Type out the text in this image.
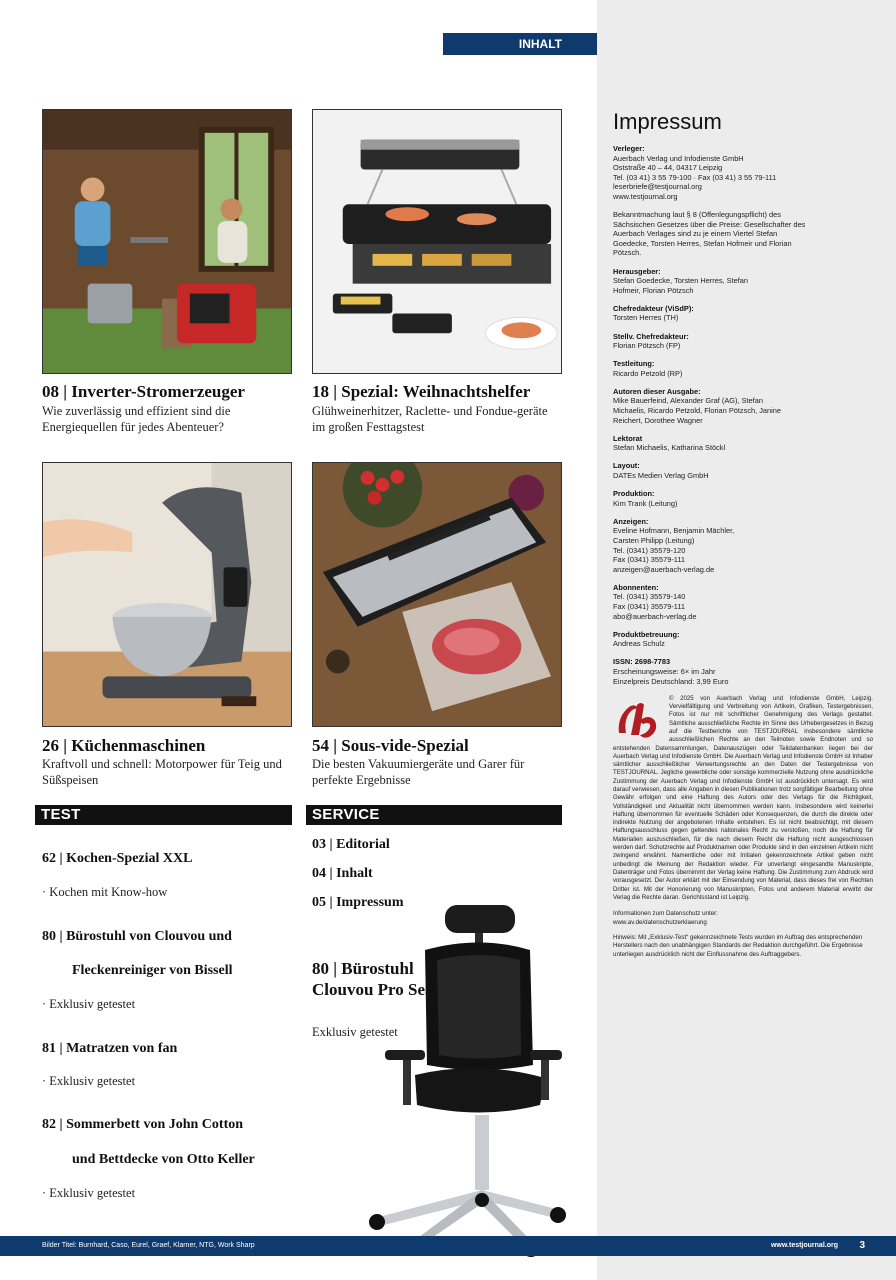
INHALT
08 | Inverter-Stromerzeuger
Wie zuverlässig und effizient sind die Energiequellen für jedes Abenteuer?
18 | Spezial: Weihnachtshelfer
Glühweinerhitzer, Raclette- und Fondue-geräte im großen Festtagstest
26 | Küchenmaschinen
Kraftvoll und schnell: Motorpower für Teig und Süßspeisen
54 | Sous-vide-Spezial
Die besten Vakuumiergeräte und Garer für perfekte Ergebnisse
TEST
62 | Kochen-Spezial XXL
· Kochen mit Know-how
80 | Bürostuhl von Clouvou und
Fleckenreiniger von Bissell
· Exklusiv getestet
81 | Matratzen von fan
· Exklusiv getestet
82 | Sommerbett von John Cotton
und Bettdecke von Otto Keller
· Exklusiv getestet
SERVICE
03 | Editorial
04 | Inhalt
05 | Impressum
80 | Bürostuhl Clouvou Pro Seat
Exklusiv getestet
Impressum
Verleger:
Auerbach Verlag und Infodienste GmbH
Oststraße 40 – 44, 04317 Leipzig
Tel. (03 41) 3 55 79-100 · Fax (03 41) 3 55 79-111
leserbriefe@testjournal.org
www.testjournal.org
Bekanntmachung laut § 8 (Offenlegungspflicht) des Sächsischen Gesetzes über die Preise: Gesellschafter des Auerbach Verlages sind zu je einem Viertel Stefan Goedecke, Torsten Herres, Stefan Hofmeir und Florian Pötzsch.
Herausgeber:
Stefan Goedecke, Torsten Herres, Stefan Hofmeir, Florian Pötzsch
Chefredakteur (ViSdP):
Torsten Herres (TH)
Stellv. Chefredakteur:
Florian Pötzsch (FP)
Testleitung:
Ricardo Petzold (RP)
Autoren dieser Ausgabe:
Mike Bauerfeind, Alexander Graf (AG), Stefan Michaelis, Ricardo Petzold, Florian Pötzsch, Janine Reichert, Dorothee Wagner
Lektorat
Stefan Michaelis, Katharina Stöckl
Layout:
DATEs Medien Verlag GmbH
Produktion:
Kim Trank (Leitung)
Anzeigen:
Eveline Hofmann, Benjamin Mächler,
Carsten Philipp (Leitung)
Tel. (0341) 35579-120
Fax (0341) 35579-111
anzeigen@auerbach-verlag.de
Abonnenten:
Tel. (0341) 35579-140
Fax (0341) 35579-111
abo@auerbach-verlag.de
Produktbetreuung:
Andreas Schulz
ISSN: 2698-7783
Erscheinungsweise: 6× im Jahr
Einzelpreis Deutschland: 3,99 Euro
© 2025 von Auerbach Verlag und Infodienste GmbH, Leipzig. Vervielfältigung und Verbreitung von Artikeln, Grafiken, Testergebnissen, Fotos ist nur mit schriftlicher Genehmigung des Verlags gestattet. Sämtliche ausschließliche Rechte im Sinne des Urhebergesetzes in Bezug auf die Testberichte von TESTJOURNAL insbesondere sämtliche ausschließlichen Rechte an den Teilnoten sowie Endnoten und so entstehenden Datensammlungen, Datenauszügen oder Teildatenbanken liegen bei der Auerbach Verlag und Infodienste GmbH. Die Auerbach Verlag und Infodienste GmbH ist Inhaber sämtlicher ausschließlicher Verwertungsrechte an den Daten der Testergebnisse von TESTJOURNAL. Jegliche gewerbliche oder sonstige kommerzielle Nutzung ohne ausdrückliche Zustimmung der Auerbach Verlag und Infodienste GmbH ist ausdrücklich untersagt. Es wird darauf verwiesen, dass alle Angaben in diesen Publikationen trotz sorgfältiger Bearbeitung ohne Gewähr erfolgen und eine Haftung des Autors oder des Verlags für die Richtigkeit, Vollständigkeit und Aktualität nicht übernommen werden kann. Insbesondere wird keinerlei Haftung übernommen für eventuelle Schäden oder Konsequenzen, die durch die direkte oder indirekte Nutzung der angebotenen Inhalte entstehen. Es ist nicht beabsichtigt, mit diesem Haftungsausschluss gegen geltendes nationales Recht zu verstoßen, noch die Haftung für Materialien auszuschließen, für die nach diesem Recht die Haftung nicht ausgeschlossen werden darf. Schutzrechte auf Produktnamen oder Produkte sind in den einzelnen Artikeln nicht zwingend erwähnt. Namentliche oder mit Initialen gekennzeichnete Artikel geben nicht unbedingt die Meinung der Redaktion wieder. Für unverlangt eingesandte Manuskripte, Datenträger und Fotos übernimmt der Verlag keine Haftung. Die Zustimmung zum Abdruck wird vorausgesetzt. Der Autor erklärt mit der Einsendung von Material, dass dieses frei von Rechten Dritter ist. Mit der Honorierung von Manuskripten, Fotos und anderem Material erwirbt der Verlag die Rechte daran. Gerichtsstand ist Leipzig.
Informationen zum Datenschutz unter: www.av.de/datenschutzerklaerung
Hinweis: Mit „Exklusiv-Test“ gekennzeichnete Tests wurden im Auftrag des entsprechenden Herstellers nach den unabhängigen Standards der Redaktion durchgeführt. Die Ergebnisse unterliegen ausdrücklich nicht der Einflussnahme des Auftraggebers.
Bilder Titel: Burnhard, Caso, Eurel, Graef, Klarner, NTG, Work Sharp	www.testjournal.org 3
